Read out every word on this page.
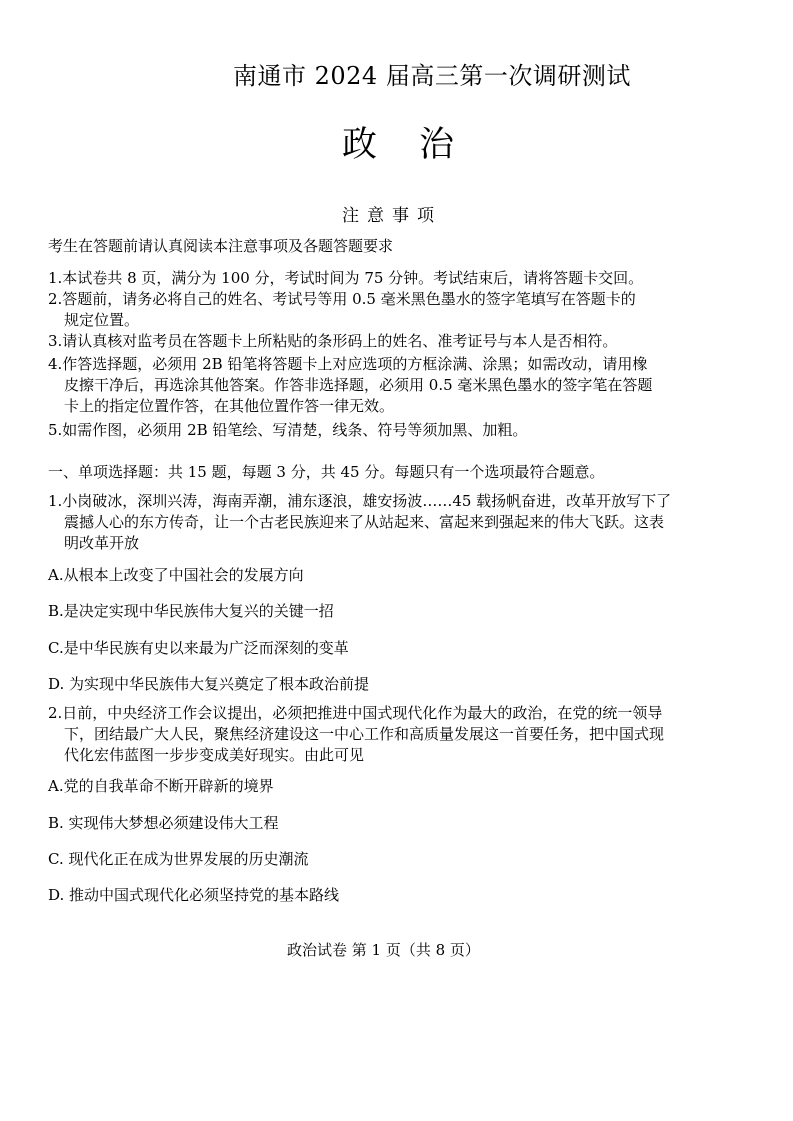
南通市 2024 届高三第一次调研测试
政治
注意事项
考生在答题前请认真阅读本注意事项及各题答题要求
1.本试卷共 8 页，满分为 100 分，考试时间为 75 分钟。考试结束后，请将答题卡交回。
2.答题前，请务必将自己的姓名、考试号等用 0.5 毫米黑色墨水的签字笔填写在答题卡的
规定位置。
3.请认真核对监考员在答题卡上所粘贴的条形码上的姓名、准考证号与本人是否相符。
4.作答选择题，必须用 2B 铅笔将答题卡上对应选项的方框涂满、涂黑；如需改动，请用橡
皮擦干净后，再选涂其他答案。作答非选择题，必须用 0.5 毫米黑色墨水的签字笔在答题
卡上的指定位置作答，在其他位置作答一律无效。
5.如需作图，必须用 2B 铅笔绘、写清楚，线条、符号等须加黑、加粗。
一、单项选择题：共 15 题，每题 3 分，共 45 分。每题只有一个选项最符合题意。
1.小岗破冰，深圳兴涛，海南弄潮，浦东逐浪，雄安扬波……45 载扬帆奋进，改革开放写下了
震撼人心的东方传奇，让一个古老民族迎来了从站起来、富起来到强起来的伟大飞跃。这表
明改革开放
A.从根本上改变了中国社会的发展方向
B.是决定实现中华民族伟大复兴的关键一招
C.是中华民族有史以来最为广泛而深刻的变革
D. 为实现中华民族伟大复兴奠定了根本政治前提
2.日前，中央经济工作会议提出，必须把推进中国式现代化作为最大的政治，在党的统一领导
下，团结最广大人民，聚焦经济建设这一中心工作和高质量发展这一首要任务，把中国式现
代化宏伟蓝图一步步变成美好现实。由此可见
A.党的自我革命不断开辟新的境界
B. 实现伟大梦想必须建设伟大工程
C. 现代化正在成为世界发展的历史潮流
D. 推动中国式现代化必须坚持党的基本路线
政治试卷 第 1 页（共 8 页）
